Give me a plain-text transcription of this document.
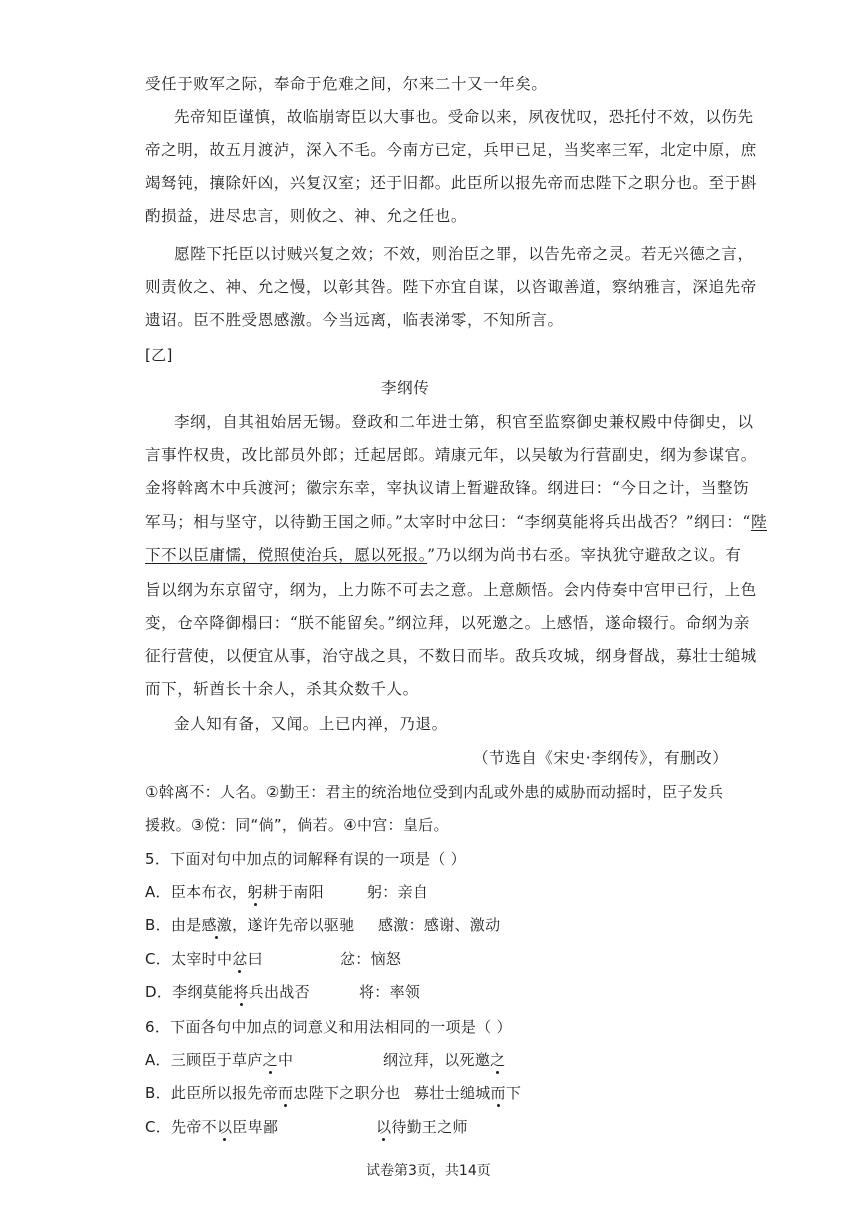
受任于败军之际，奉命于危难之间，尔来二十又一年矣。
先帝知臣谨慎，故临崩寄臣以大事也。受命以来，夙夜忧叹，恐托付不效，以伤先
帝之明，故五月渡泸，深入不毛。今南方已定，兵甲已足，当奖率三军，北定中原，庶
竭驽钝，攘除奸凶，兴复汉室；还于旧都。此臣所以报先帝而忠陛下之职分也。至于斟
酌损益，进尽忠言，则攸之、神、允之任也。
愿陛下托臣以讨贼兴复之效；不效，则治臣之罪，以告先帝之灵。若无兴德之言，
则责攸之、神、允之慢，以彰其咎。陛下亦宜自谋，以咨诹善道，察纳雅言，深追先帝
遗诏。臣不胜受恩感激。今当远离，临表涕零，不知所言。
[乙]
李纲传
李纲，自其祖始居无锡。登政和二年进士第，积官至监察御史兼权殿中侍御史，以
言事忤权贵，改比部员外郎；迁起居郎。靖康元年，以吴敏为行营副史，纲为参谋官。
金将斡离木中兵渡河；徽宗东幸，宰执议请上暂避敌锋。纲进曰：“今日之计，当整饬
军马；相与坚守，以待勤王国之师。”太宰时中忿曰：“李纲莫能将兵出战否？”纲曰：“陛
下不以臣庸懦，傥照使治兵，愿以死报。”乃以纲为尚书右丞。宰执犹守避敌之议。有
旨以纲为东京留守，纲为，上力陈不可去之意。上意颇悟。会内侍奏中宫甲已行，上色
变，仓卒降御榻曰：“朕不能留矣。”纲泣拜，以死邀之。上感悟，遂命辍行。命纲为亲
征行营使，以便宜从事，治守战之具，不数日而毕。敌兵攻城，纲身督战，募壮士缒城
而下，斩酋长十余人，杀其众数千人。
金人知有备，又闻。上已内禅，乃退。
（节选自《宋史·李纲传》，有删改）
①斡离不：人名。②勤王：君主的统治地位受到内乱或外患的威胁而动摇时，臣子发兵
援救。③傥：同“倘”，倘若。④中宫：皇后。
5．下面对句中加点的词解释有误的一项是（ ）
A．臣本布衣，躬耕于南阳	躬：亲自
B．由是感激，遂许先帝以驱驰 感激：感谢、激动
C．太宰时中忿曰	忿：恼怒
D．李纲莫能将兵出战否	将：率领
6．下面各句中加点的词意义和用法相同的一项是（ ）
A．三顾臣于草庐之中	纲泣拜，以死邀之
B．此臣所以报先帝而忠陛下之职分也 募壮士缒城而下
C．先帝不以臣卑鄙	以待勤王之师
试卷第3页，共14页
